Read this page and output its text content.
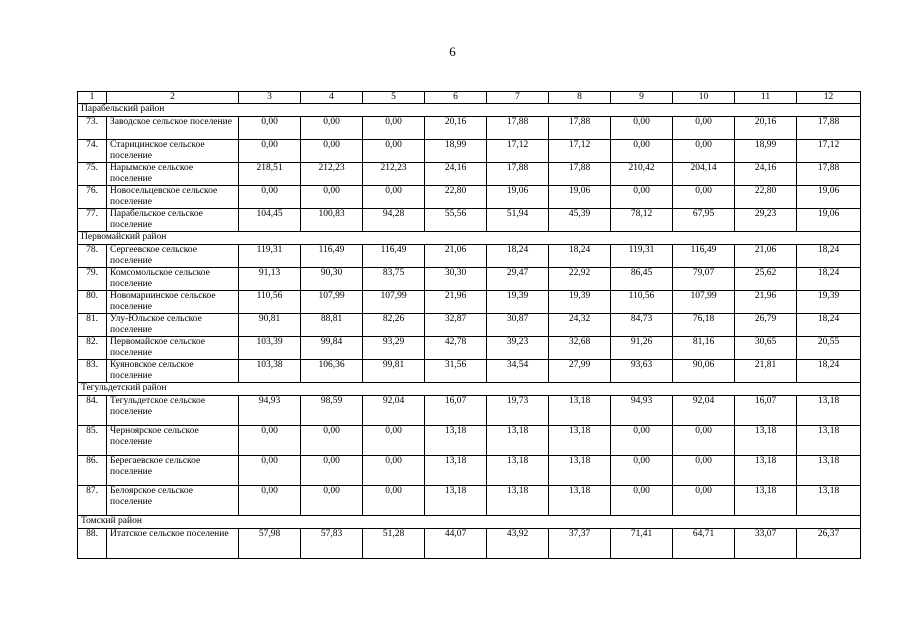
6
1	2	3	4	5	6	7	8	9	10	11	12
Парабельский район											
73.	Заводское сельское поселение	0,00	0,00	0,00	20,16	17,88	17,88	0,00	0,00	20,16	17,88
74.	Старицинское сельское поселение	0,00	0,00	0,00	18,99	17,12	17,12	0,00	0,00	18,99	17,12
75.	Нарымское сельское поселение	218,51	212,23	212,23	24,16	17,88	17,88	210,42	204,14	24,16	17,88
76.	Новосельцевское сельское поселение	0,00	0,00	0,00	22,80	19,06	19,06	0,00	0,00	22,80	19,06
77.	Парабельское сельское поселение	104,45	100,83	94,28	55,56	51,94	45,39	78,12	67,95	29,23	19,06
Первомайский район											
78.	Сергеевское сельское поселение	119,31	116,49	116,49	21,06	18,24	18,24	119,31	116,49	21,06	18,24
79.	Комсомольское сельское поселение	91,13	90,30	83,75	30,30	29,47	22,92	86,45	79,07	25,62	18,24
80.	Новомариинское сельское поселение	110,56	107,99	107,99	21,96	19,39	19,39	110,56	107,99	21,96	19,39
81.	Улу-Юльское сельское поселение	90,81	88,81	82,26	32,87	30,87	24,32	84,73	76,18	26,79	18,24
82.	Первомайское сельское поселение	103,39	99,84	93,29	42,78	39,23	32,68	91,26	81,16	30,65	20,55
83.	Куяновское сельское поселение	103,38	106,36	99,81	31,56	34,54	27,99	93,63	90,06	21,81	18,24
Тегульдетский район											
84.	Тегульдетское сельское поселение	94,93	98,59	92,04	16,07	19,73	13,18	94,93	92,04	16,07	13,18
85.	Черноярское сельское поселение	0,00	0,00	0,00	13,18	13,18	13,18	0,00	0,00	13,18	13,18
86.	Берегаевское сельское поселение	0,00	0,00	0,00	13,18	13,18	13,18	0,00	0,00	13,18	13,18
87.	Белоярское сельское поселение	0,00	0,00	0,00	13,18	13,18	13,18	0,00	0,00	13,18	13,18
Томский район											
88.	Итатское сельское поселение	57,98	57,83	51,28	44,07	43,92	37,37	71,41	64,71	33,07	26,37
